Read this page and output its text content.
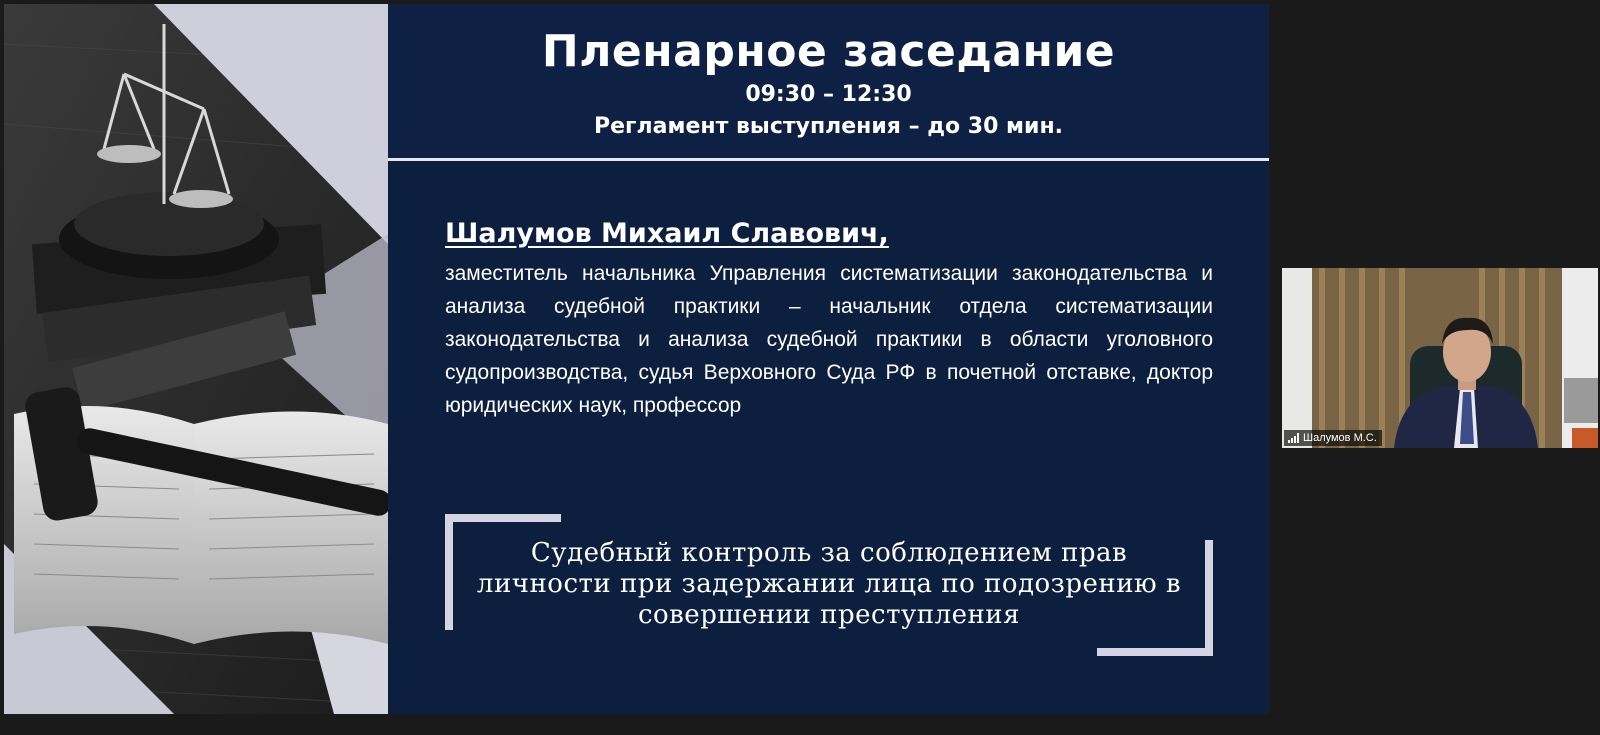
Пленарное заседание
09:30 – 12:30
Регламент выступления – до 30 мин.
Шалумов Михаил Славович,
заместитель начальника Управления систематизации законодательства и анализа судебной практики – начальник отдела систематизации законодательства и анализа судебной практики в области уголовного судопроизводства, судья Верховного Суда РФ в почетной отставке, доктор юридических наук, профессор
Судебный контроль за соблюдением прав личности при задержании лица по подозрению в совершении преступления
Шалумов М.С.
